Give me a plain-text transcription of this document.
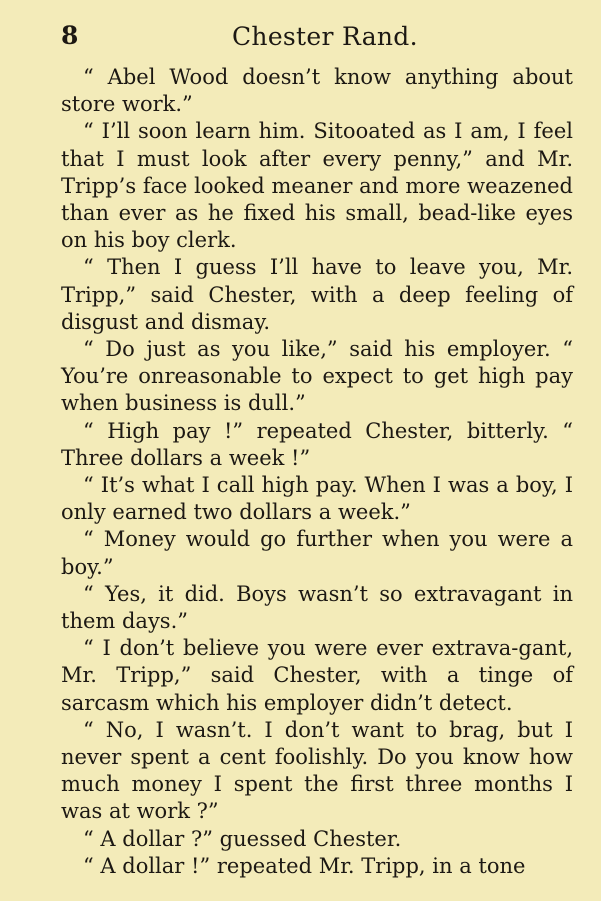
8	Chester Rand.

“ Abel Wood doesn’t know anything about store work.”

“ I’ll soon learn him. Sitooated as I am, I feel that I must look after every penny,” and Mr. Tripp’s face looked meaner and more weazened than ever as he fixed his small, bead-like eyes on his boy clerk.

“ Then I guess I’ll have to leave you, Mr. Tripp,” said Chester, with a deep feeling of disgust and dismay.

“ Do just as you like,” said his employer. “ You’re onreasonable to expect to get high pay when business is dull.”

“ High pay !” repeated Chester, bitterly. “ Three dollars a week !”

“ It’s what I call high pay. When I was a boy, I only earned two dollars a week.”

“ Money would go further when you were a boy.”

“ Yes, it did. Boys wasn’t so extravagant in them days.”

“ I don’t believe you were ever extrava-gant, Mr. Tripp,” said Chester, with a tinge of sarcasm which his employer didn’t detect.

“ No, I wasn’t. I don’t want to brag, but I never spent a cent foolishly. Do you know how much money I spent the first three months I was at work ?”

“ A dollar ?” guessed Chester.

“ A dollar !” repeated Mr. Tripp, in a tone
